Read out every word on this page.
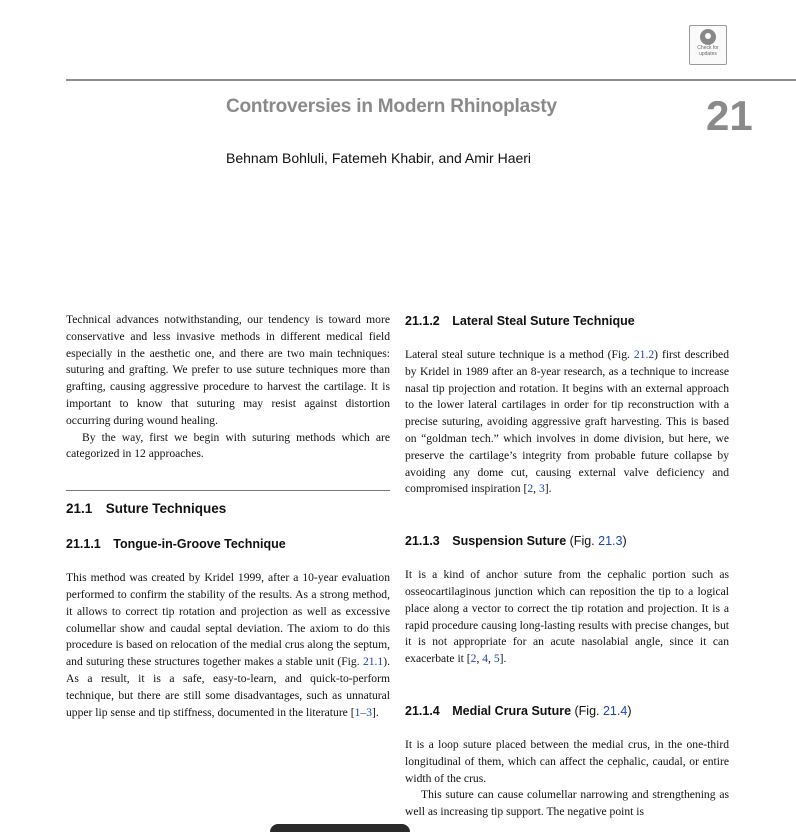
Check for
updates
Controversies in Modern Rhinoplasty	21
Behnam Bohluli, Fatemeh Khabir, and Amir Haeri

Technical advances notwithstanding, our tendency is toward more conservative and less invasive methods in different medical field especially in the aesthetic one, and there are two main techniques: suturing and grafting. We prefer to use suture techniques more than grafting, causing aggressive procedure to harvest the cartilage. It is important to know that suturing may resist against distortion occurring during wound healing.

By the way, first we begin with suturing methods which are categorized in 12 approaches.

21.1 Suture Techniques
21.1.1 Tongue-in-Groove Technique

This method was created by Kridel 1999, after a 10-year evaluation performed to confirm the stability of the results. As a strong method, it allows to correct tip rotation and projection as well as excessive columellar show and caudal septal deviation. The axiom to do this procedure is based on relocation of the medial crus along the septum, and suturing these structures together makes a stable unit (Fig. 21.1). As a result, it is a safe, easy-to-learn, and quick-to-perform technique, but there are still some disadvantages, such as unnatural upper lip sense and tip stiffness, documented in the literature [1–3].

21.1.2 Lateral Steal Suture Technique

Lateral steal suture technique is a method (Fig. 21.2) first described by Kridel in 1989 after an 8-year research, as a technique to increase nasal tip projection and rotation. It begins with an external approach to the lower lateral cartilages in order for tip reconstruction with a precise suturing, avoiding aggressive graft harvesting. This is based on “goldman tech.” which involves in dome division, but here, we preserve the cartilage’s integrity from probable future collapse by avoiding any dome cut, causing external valve deficiency and compromised inspiration [2, 3].

21.1.3 Suspension Suture (Fig. 21.3)

It is a kind of anchor suture from the cephalic portion such as osseocartilaginous junction which can reposition the tip to a logical place along a vector to correct the tip rotation and projection. It is a rapid procedure causing long-lasting results with precise changes, but it is not appropriate for an acute nasolabial angle, since it can exacerbate it [2, 4, 5].

21.1.4 Medial Crura Suture (Fig. 21.4)

It is a loop suture placed between the medial crus, in the one-third longitudinal of them, which can affect the cephalic, caudal, or entire width of the crus.

This suture can cause columellar narrowing and strengthening as well as increasing tip support. The negative point is
